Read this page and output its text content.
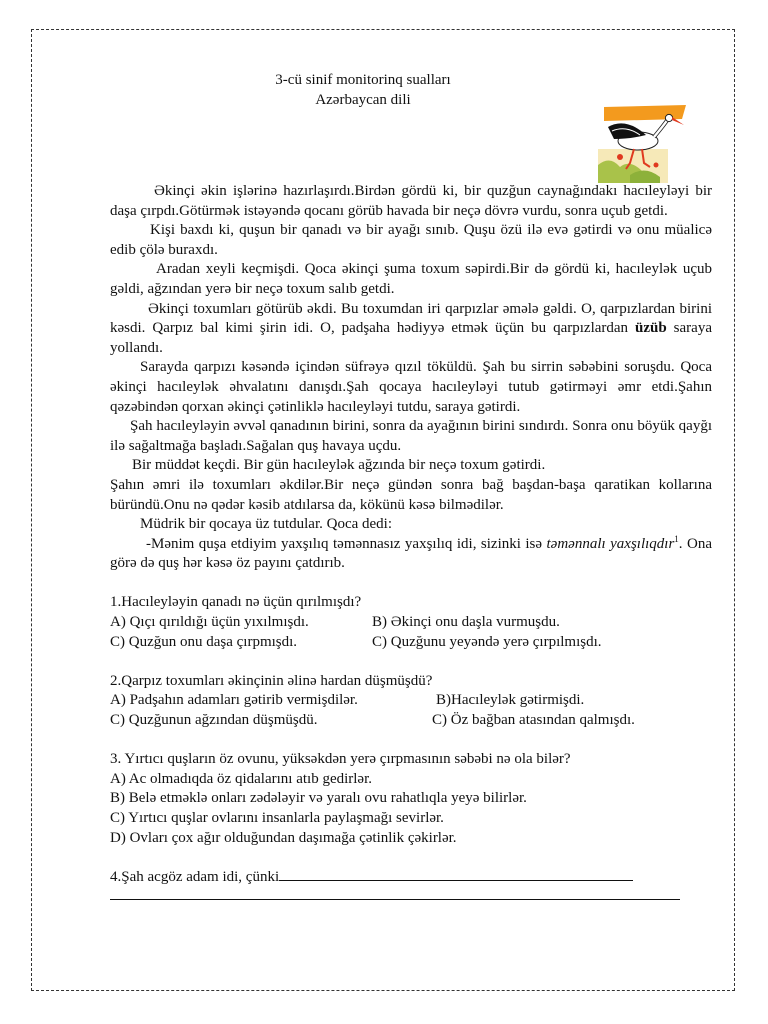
3-cü sinif monitorinq sualları
Azərbaycan dili

Əkinçi əkin işlərinə hazırlaşırdı.Birdən gördü ki, bir quzğun caynağındakı hacıleyləyi bir daşa çırpdı.Götürmək istəyəndə qocanı görüb havada bir neçə dövrə vurdu, sonra uçub getdi.

Kişi baxdı ki, quşun bir qanadı və bir ayağı sınıb. Quşu özü ilə evə gətirdi və onu müalicə edib çölə buraxdı.

Aradan xeyli keçmişdi. Qoca əkinçi şuma toxum səpirdi.Bir də gördü ki, hacıleylək uçub gəldi, ağzından yerə bir neçə toxum salıb getdi.

Əkinçi toxumları götürüb əkdi. Bu toxumdan iri qarpızlar əmələ gəldi. O, qarpızlardan birini kəsdi. Qarpız bal kimi şirin idi. O, padşaha hədiyyə etmək üçün bu qarpızlardan üzüb saraya yollandı.

Sarayda qarpızı kəsəndə içindən süfrəyə qızıl töküldü. Şah bu sirrin səbəbini soruşdu. Qoca əkinçi hacıleylək əhvalatını danışdı.Şah qocaya hacıleyləyi tutub gətirməyi əmr etdi.Şahın qəzəbindən qorxan əkinçi çətinliklə hacıleyləyi tutdu, saraya gətirdi.

Şah hacıleyləyin əvvəl qanadının birini, sonra da ayağının birini sındırdı. Sonra onu böyük qayğı ilə sağaltmağa başladı.Sağalan quş havaya uçdu.

Bir müddət keçdi. Bir gün hacıleylək ağzında bir neçə toxum gətirdi.

Şahın əmri ilə toxumları əkdilər.Bir neçə gündən sonra bağ başdan-başa qaratikan kollarına büründü.Onu nə qədər kəsib atdılarsa da, kökünü kəsə bilmədilər.

Müdrik bir qocaya üz tutdular. Qoca dedi:

-Mənim quşa etdiyim yaxşılıq təmənnasız yaxşılıq idi, sizinki isə təmənnalı yaxşılıqdır$^1$. Ona görə də quş hər kəsə öz payını çatdırıb.

1.Hacıleyləyin qanadı nə üçün qırılmışdı?
A) Qıçı qırıldığı üçün yıxılmışdı.	B) Əkinçi onu daşla vurmuşdu.
C) Quzğun onu daşa çırpmışdı.	C) Quzğunu yeyəndə yerə çırpılmışdı.
2.Qarpız toxumları əkinçinin əlinə hardan düşmüşdü?
A) Padşahın adamları gətirib vermişdilər.	B)Hacıleylək gətirmişdi.
C) Quzğunun ağzından düşmüşdü.	C) Öz bağban atasından qalmışdı.
3. Yırtıcı quşların öz ovunu, yüksəkdən yerə çırpmasının səbəbi nə ola bilər?
A) Ac olmadıqda öz qidalarını atıb gedirlər.
B) Belə etməklə onları zədələyir və yaralı ovu rahatlıqla yeyə bilirlər.
C) Yırtıcı quşlar ovlarını insanlarla paylaşmağı sevirlər.
D) Ovları çox ağır olduğundan daşımağa çətinlik çəkirlər.
4.Şah acgöz adam idi, çünki
